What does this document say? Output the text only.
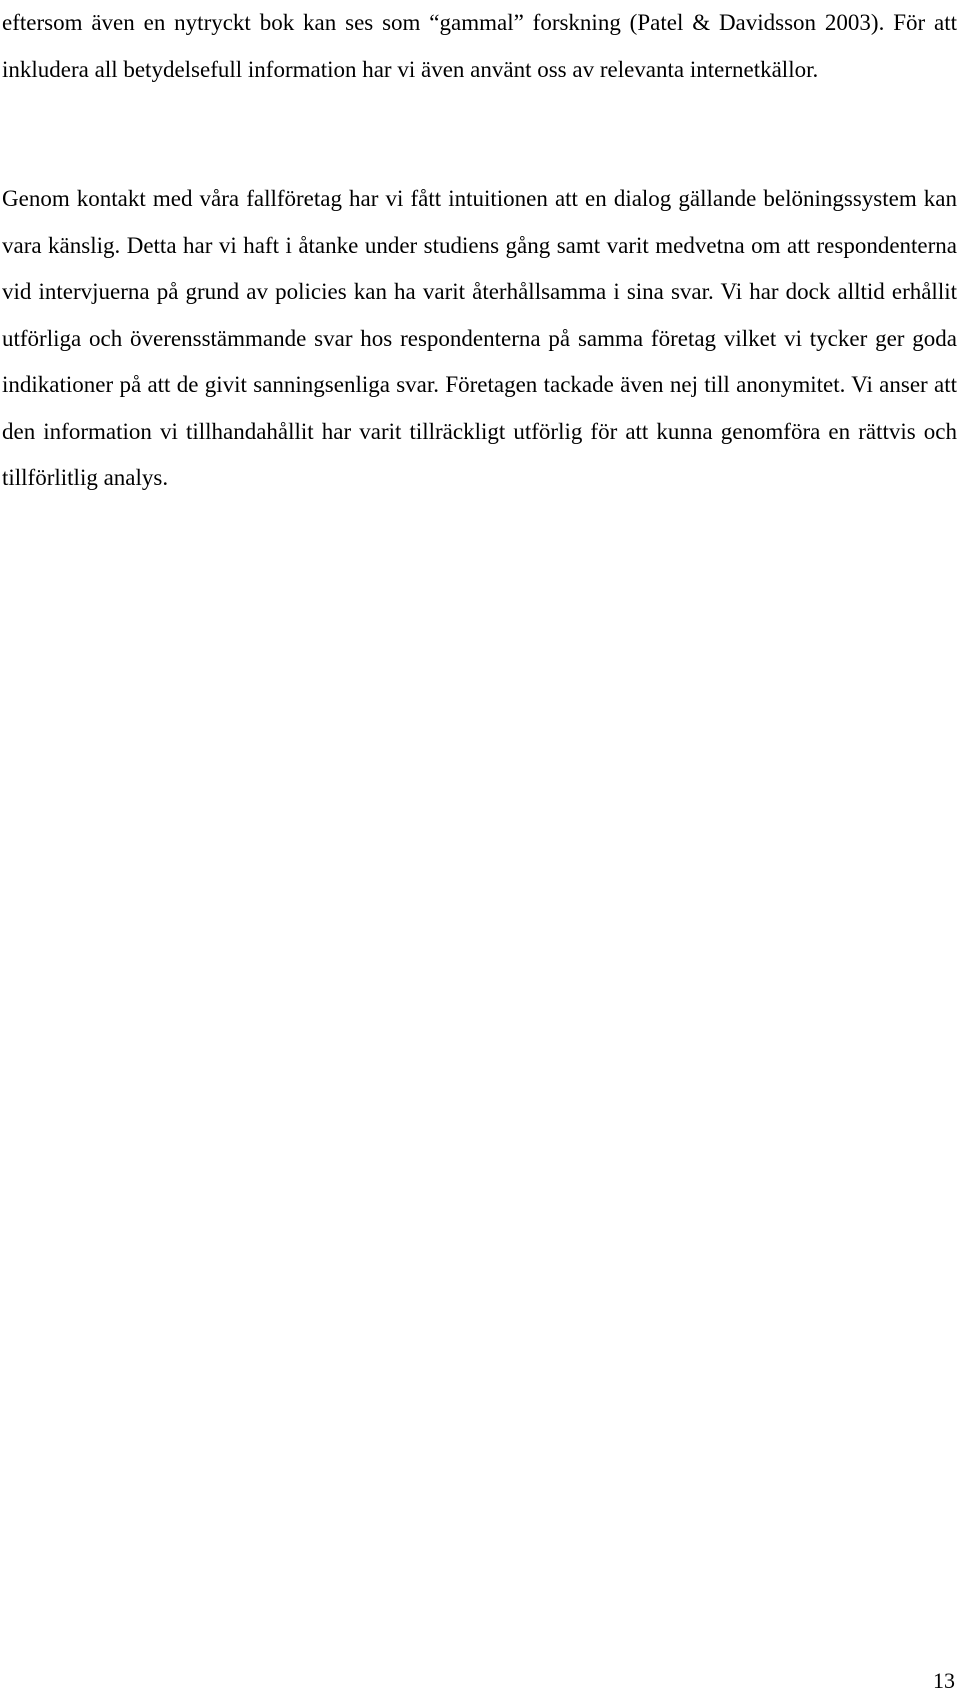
eftersom även en nytryckt bok kan ses som “gammal” forskning (Patel & Davidsson 2003). För att inkludera all betydelsefull information har vi även använt oss av relevanta internetkällor.

Genom kontakt med våra fallföretag har vi fått intuitionen att en dialog gällande belöningssystem kan vara känslig. Detta har vi haft i åtanke under studiens gång samt varit medvetna om att respondenterna vid intervjuerna på grund av policies kan ha varit återhållsamma i sina svar. Vi har dock alltid erhållit utförliga och överensstämmande svar hos respondenterna på samma företag vilket vi tycker ger goda indikationer på att de givit sanningsenliga svar. Företagen tackade även nej till anonymitet. Vi anser att den information vi tillhandahållit har varit tillräckligt utförlig för att kunna genomföra en rättvis och tillförlitlig analys.

13
